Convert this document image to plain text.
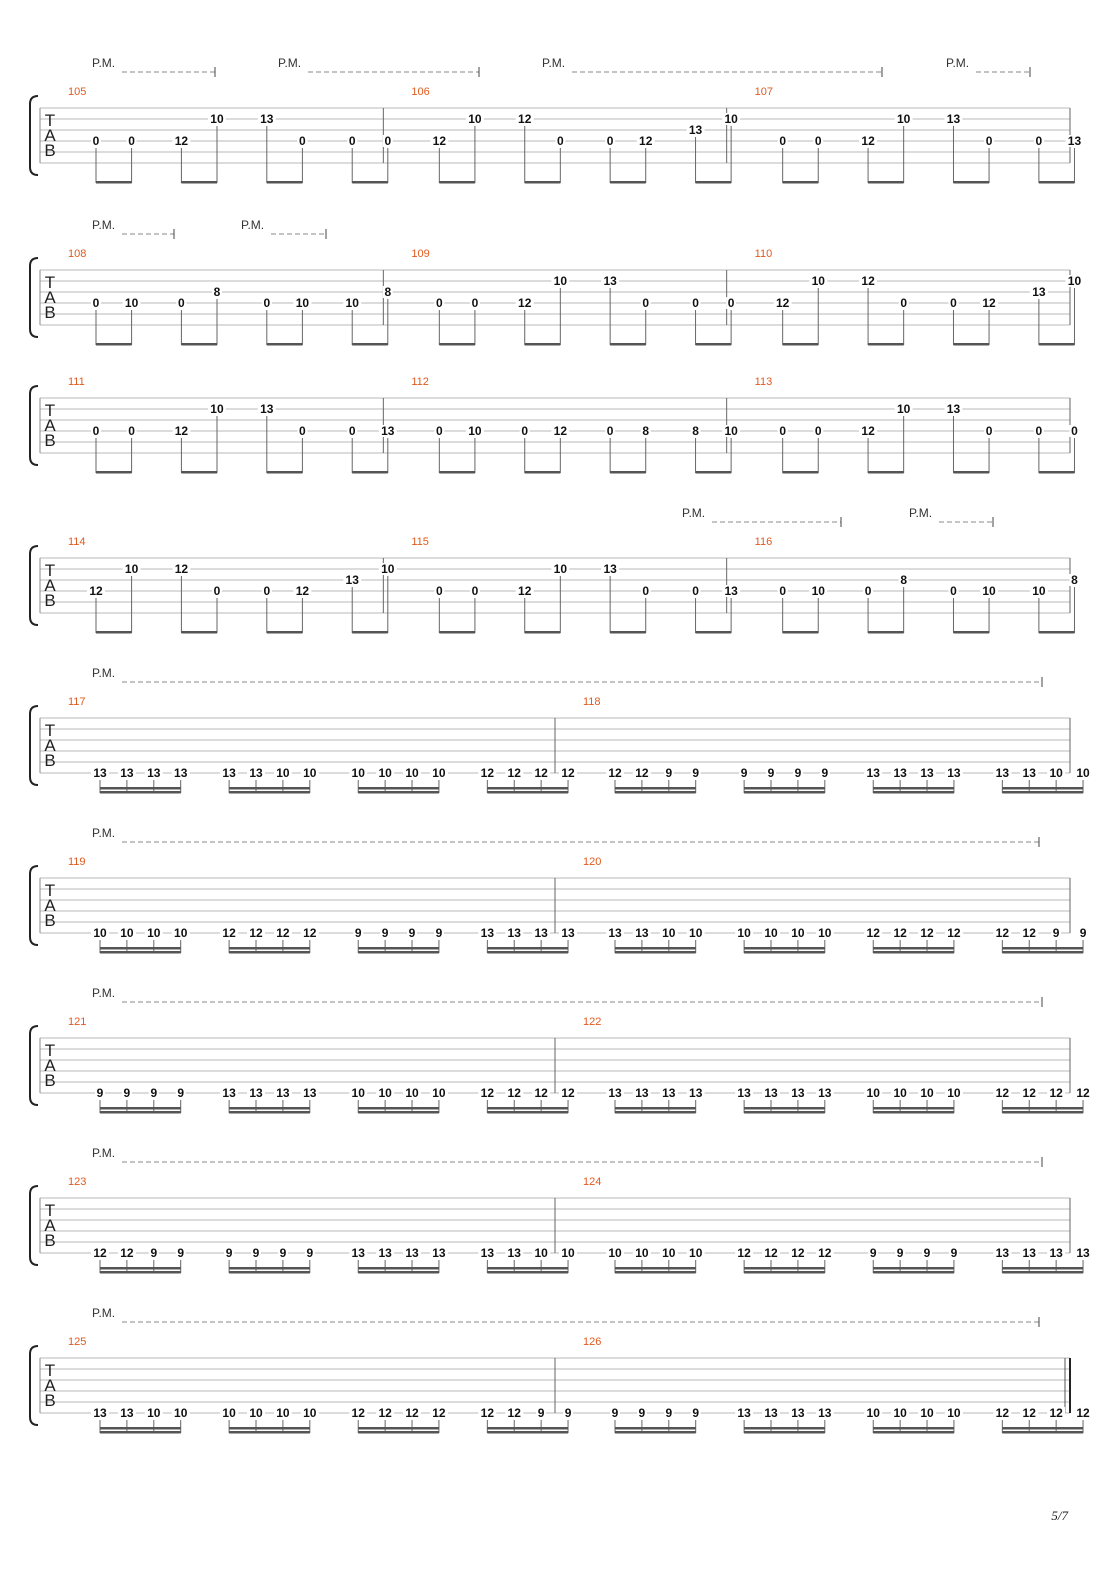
P.M.	P.M.	P.M.	P.M.
T
A
B
105
0 0	12
10	13
0	0 0
106
12
10	12
0	0 12
13
10
107
0 0	12
10	13
0	0 13
P.M.	P.M.
T
A
B
108
0 10	0
8
0 10	10
8
109
0 0	12
10	13
0	0 0
110
12
10	12
0	0 12
13
10
T
A
B
111
0 0	12
10	13
0	0 13
112
0 10	0 12	0 8	8 10
113
0 0	12
10	13
0	0 0
P.M.	P.M.
T
A
B
114
12
10	12
0	0 12
13
10
115
0 0	12
10	13
0	0 13
116
0 10	0
8
0 10	10
8
P.M.
T
A
B
117
13 13 13 13	13 13 10 10	10 10 10 10	12 12 12 12
118
12 12 9 9	9 9 9 9	13 13 13 13	13 13 10 10
P.M.
T
A
B
119
10 10 10 10	12 12 12 12	9 9 9 9	13 13 13 13
120
13 13 10 10	10 10 10 10	12 12 12 12	12 12 9 9
P.M.
T
A
B
121
9 9 9 9	13 13 13 13	10 10 10 10	12 12 12 12
122
13 13 13 13	13 13 13 13	10 10 10 10	12 12 12 12
P.M.
T
A
B
123
12 12 9 9	9 9 9 9	13 13 13 13	13 13 10 10
124
10 10 10 10	12 12 12 12	9 9 9 9	13 13 13 13
P.M.
T
A
B
125
13 13 10 10	10 10 10 10	12 12 12 12	12 12 9 9
126
9 9 9 9	13 13 13 13	10 10 10 10	12 12 12 12
5/7
